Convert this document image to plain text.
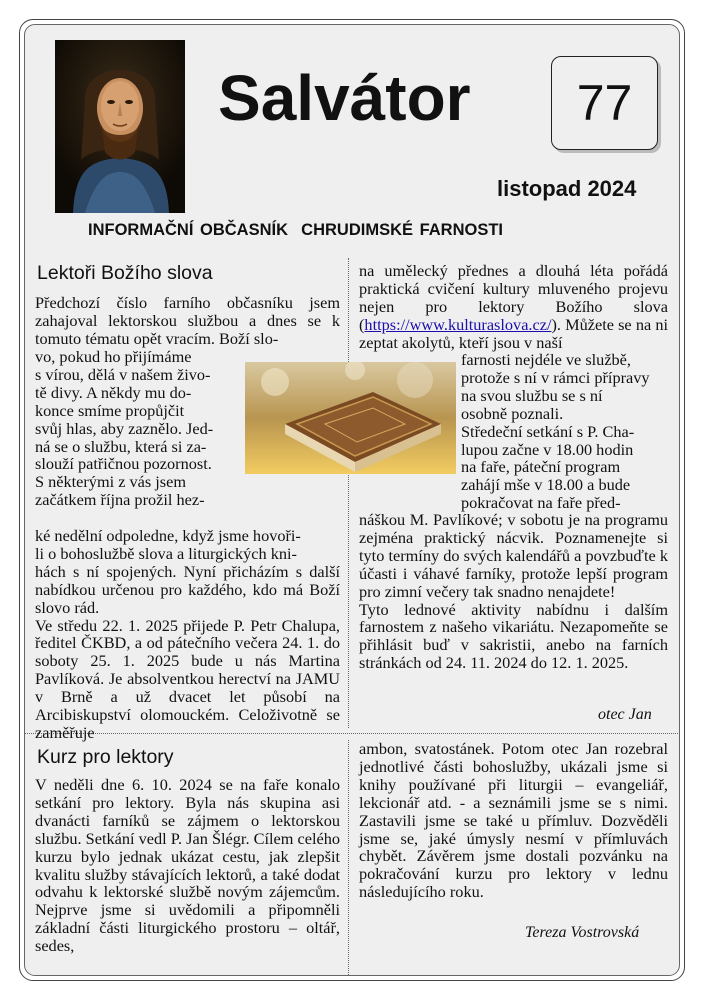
Salvátor	77
listopad 2024
INFORMAČNÍ OBČASNÍK  CHRUDIMSKÉ FARNOSTI
Lektoři Božího slova

Předchozí číslo farního občasníku jsem zahajoval lektorskou službou a dnes se k tomuto tématu opět vracím. Boží slo-

vo, pokud ho přijímáme

s vírou, dělá v našem živo-

tě divy. A někdy mu do-

konce smíme propůjčit

svůj hlas, aby zaznělo. Jed-

ná se o službu, která si za-

slouží patřičnou pozornost.

S některými z vás jsem

začátkem října prožil hez-

ké nedělní odpoledne, když jsme hovoři-

li o bohoslužbě slova a liturgických kni-

hách s ní spojených. Nyní přicházím s další nabídkou určenou pro každého, kdo má Boží slovo rád.

Ve středu 22. 1. 2025 přijede P. Petr Chalupa, ředitel ČKBD, a od pátečního večera 24. 1. do soboty 25. 1. 2025 bude u nás Martina Pavlíková. Je absolventkou herectví na JAMU v Brně a už dvacet let působí na Arcibiskupství olomouckém. Celoživotně se zaměřuje

na umělecký přednes a dlouhá léta pořádá praktická cvičení kultury mluveného projevu nejen pro lektory Božího slova (https://www.kulturaslova.cz/). Můžete se na ni zeptat akolytů, kteří jsou v naší

farnosti nejdéle ve službě,

protože s ní v rámci přípravy

na svou službu se s ní

osobně poznali.

Středeční setkání s P. Cha-

lupou začne v 18.00 hodin

na faře, páteční program

zahájí mše v 18.00 a bude

pokračovat na faře před-

náškou M. Pavlíkové; v sobotu je na programu zejména praktický nácvik. Poznamenejte si tyto termíny do svých kalendářů a povzbuďte k účasti i váhavé farníky, protože lepší program pro zimní večery tak snadno nenajdete!

Tyto lednové aktivity nabídnu i dalším farnostem z našeho vikariátu. Nezapomeňte se přihlásit buď v sakristii, anebo na farních stránkách od 24. 11. 2024 do 12. 1. 2025.

otec Jan
Kurz pro lektory

V neděli dne 6. 10. 2024 se na faře konalo setkání pro lektory. Byla nás skupina asi dvanácti farníků se zájmem o lektorskou službu. Setkání vedl P. Jan Šlégr. Cílem celého kurzu bylo jednak ukázat cestu, jak zlepšit kvalitu služby stávajících lektorů, a také dodat odvahu k lektorské službě novým zájemcům. Nejprve jsme si uvědomili a připomněli základní části liturgického prostoru – oltář, sedes,

ambon, svatostánek. Potom otec Jan rozebral jednotlivé části bohoslužby, ukázali jsme si knihy používané při liturgii – evangeliář, lekcionář atd. - a seznámili jsme se s nimi. Zastavili jsme se také u přímluv. Dozvěděli jsme se, jaké úmysly nesmí v přímluvách chybět. Závěrem jsme dostali pozvánku na pokračování kurzu pro lektory v lednu následujícího roku.

Tereza Vostrovská
